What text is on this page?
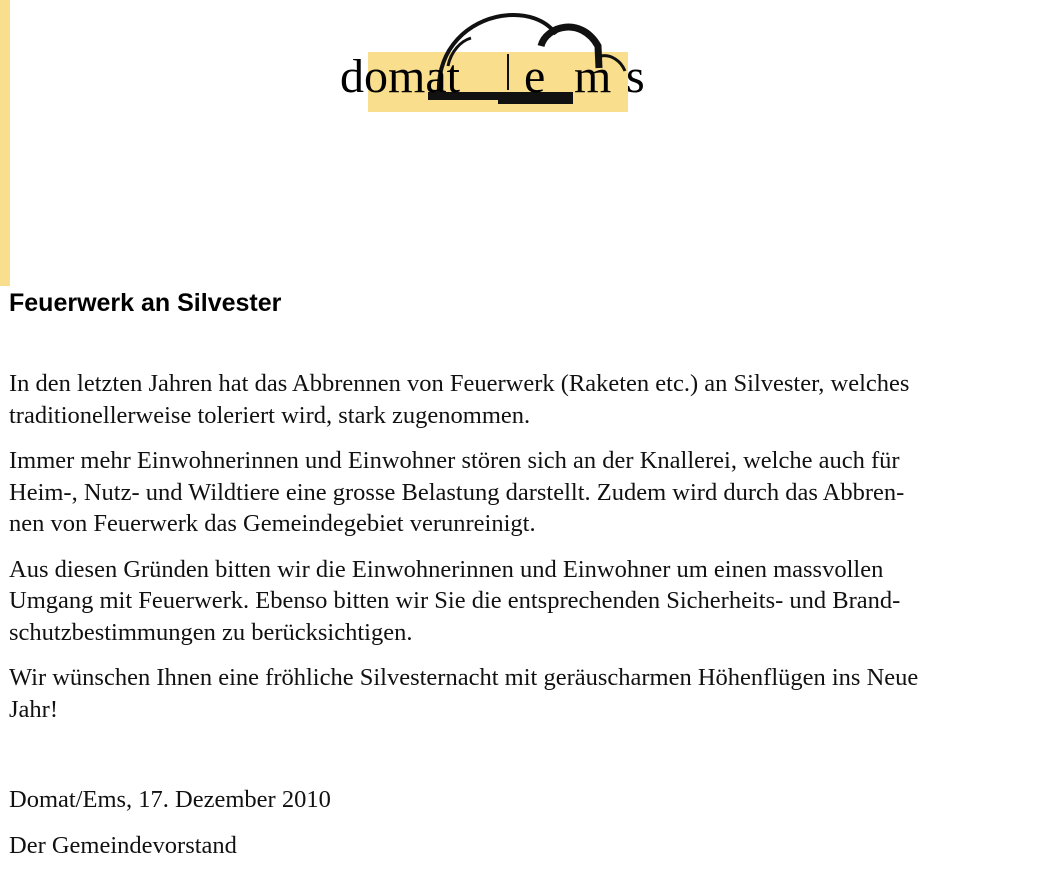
domat e m s
Feuerwerk an Silvester

In den letzten Jahren hat das Abbrennen von Feuerwerk (Raketen etc.) an Silvester, welches
traditionellerweise toleriert wird, stark zugenommen.

Immer mehr Einwohnerinnen und Einwohner stören sich an der Knallerei, welche auch für
Heim-, Nutz- und Wildtiere eine grosse Belastung darstellt. Zudem wird durch das Abbren-
nen von Feuerwerk das Gemeindegebiet verunreinigt.

Aus diesen Gründen bitten wir die Einwohnerinnen und Einwohner um einen massvollen
Umgang mit Feuerwerk. Ebenso bitten wir Sie die entsprechenden Sicherheits- und Brand-
schutzbestimmungen zu berücksichtigen.

Wir wünschen Ihnen eine fröhliche Silvesternacht mit geräuscharmen Höhenflügen ins Neue
Jahr!

Domat/Ems, 17. Dezember 2010

Der Gemeindevorstand
